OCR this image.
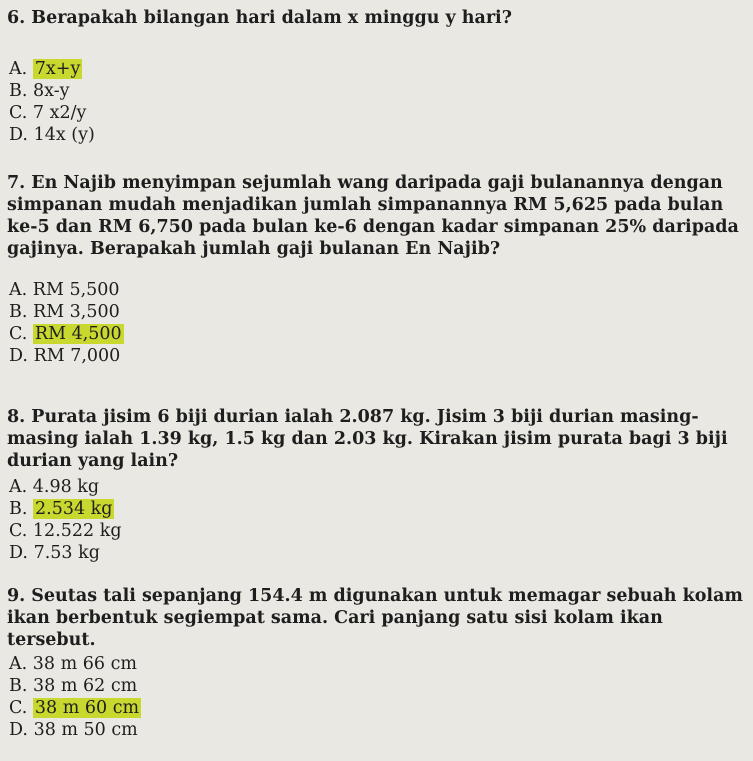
6. Berapakah bilangan hari dalam x minggu y hari?
A. 7x+y
B. 8x-y
C. 7 x2/y
D. 14x (y)
7. En Najib menyimpan sejumlah wang daripada gaji bulanannya dengan simpanan mudah menjadikan jumlah simpanannya RM 5,625 pada bulan ke-5 dan RM 6,750 pada bulan ke-6 dengan kadar simpanan 25% daripada gajinya. Berapakah jumlah gaji bulanan En Najib?
A. RM 5,500
B. RM 3,500
C. RM 4,500
D. RM 7,000
8. Purata jisim 6 biji durian ialah 2.087 kg. Jisim 3 biji durian masing-masing ialah 1.39 kg, 1.5 kg dan 2.03 kg. Kirakan jisim purata bagi 3 biji durian yang lain?
A. 4.98 kg
B. 2.534 kg
C. 12.522 kg
D. 7.53 kg
9. Seutas tali sepanjang 154.4 m digunakan untuk memagar sebuah kolam ikan berbentuk segiempat sama. Cari panjang satu sisi kolam ikan tersebut.
A. 38 m 66 cm
B. 38 m 62 cm
C. 38 m 60 cm
D. 38 m 50 cm
